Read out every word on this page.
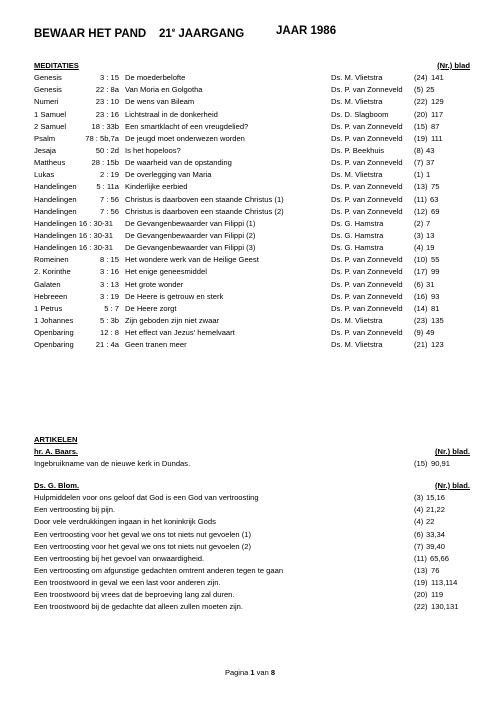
BEWAAR HET PAND 21e JAARGANG	JAAR 1986
MEDITATIES	(Nr.) blad
Genesis	3 : 15 De moederbelofte	Ds. M. Vlietstra	(24) 141
Genesis	22 : 8a Van Moria en Golgotha	Ds. P. van Zonneveld (5) 25
Numeri	23 : 10 De wens van Bileam	Ds. M. Vlietstra	(22) 129
1 Samuel	23 : 16 Lichtstraal in de donkerheid	Ds. D. Slagboom	(20) 117
2 Samuel	18 : 33b Een smartklacht of een vreugdelied?	Ds. P. van Zonneveld (15) 87
Psalm	78 : 5b,7a De jeugd moet onderwezen worden	Ds. P. van Zonneveld (19) 111
Jesaja	50 : 2d Is het hopeloos?	Ds. P. Beekhuis	(8) 43
Mattheus	28 : 15b De waarheid van de opstanding	Ds. P. van Zonneveld (7) 37
Lukas	2 : 19 De overlegging van Maria	Ds. M. Vlietstra	(1) 1
Handelingen	5 : 11a Kinderlijke eerbied	Ds. P. van Zonneveld (13) 75
Handelingen	7 : 56 Christus is daarboven een staande Christus (1)	Ds. P. van Zonneveld (11) 63
Handelingen	7 : 56 Christus is daarboven een staande Christus (2)	Ds. P. van Zonneveld (12) 69
Handelingen 16 : 30-31 De Gevangenbewaarder van Filippi (1)	Ds. G. Hamstra	(2) 7
Handelingen 16 : 30-31 De Gevangenbewaarder van Filippi (2)	Ds. G. Hamstra	(3) 13
Handelingen 16 : 30-31 De Gevangenbewaarder van Filippi (3)	Ds. G. Hamstra	(4) 19
Romeinen	8 : 15 Het wondere werk van de Heilige Geest	Ds. P. van Zonneveld (10) 55
2. Korinthe	3 : 16 Het enige geneesmiddel	Ds. P. van Zonneveld (17) 99
Galaten	3 : 13 Het grote wonder	Ds. P. van Zonneveld (6) 31
Hebreeen	3 : 19 De Heere is getrouw en sterk	Ds. P. van Zonneveld (16) 93
1 Petrus	5 : 7 De Heere zorgt	Ds. P. van Zonneveld (14) 81
1 Johannes	5 : 3b Zijn geboden zijn niet zwaar	Ds. M. Vlietstra	(23) 135
Openbaring	12 : 8 Het effect van Jezus' hemelvaart	Ds. P. van Zonneveld (9) 49
Openbaring	21 : 4a Geen tranen meer	Ds. M. Vlietstra	(21) 123
ARTIKELEN
hr. A. Baars.	(Nr.) blad.
Ingebruikname van de nieuwe kerk in Dundas.	(15) 90,91
Ds. G. Blom.	(Nr.) blad.
Hulpmiddelen voor ons geloof dat God is een God van vertroosting	(3) 15,16
Een vertroosting bij pijn.	(4) 21,22
Door vele verdrukkingen ingaan in het koninkrijk Gods	(4) 22
Een vertroosting voor het geval we ons tot niets nut gevoelen (1)	(6) 33,34
Een vertroosting voor het geval we ons tot niets nut gevoelen (2)	(7) 39,40
Een vertroosting bij het gevoel van onwaardigheid.	(11) 65,66
Een vertroosting om afgunstige gedachten omtrent anderen tegen te gaan	(13) 76
Een troostwoord in geval we een last voor anderen zijn.	(19) 113,114
Een troostwoord bij vrees dat de beproeving lang zal duren.	(20) 119
Een troostwoord bij de gedachte dat alleen zullen moeten zijn.	(22) 130,131
Pagina 1 van 8
